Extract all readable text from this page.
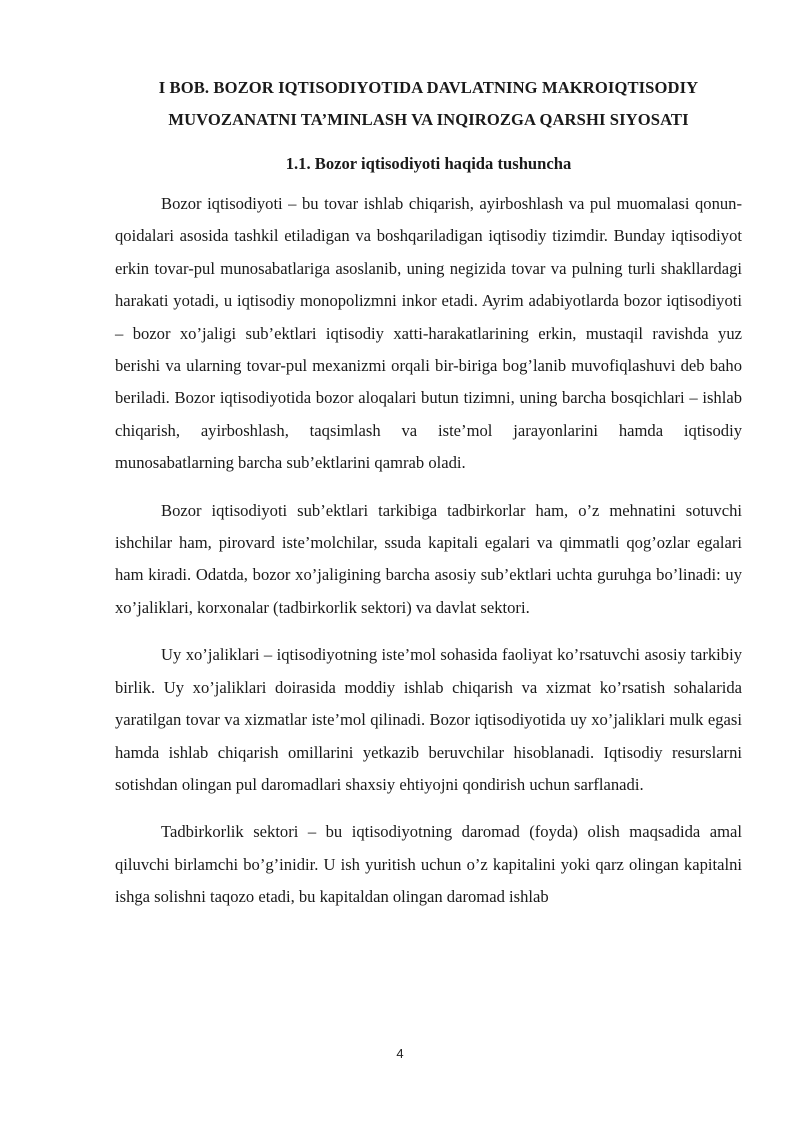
I BOB. BOZOR IQTISODIYOTIDA DAVLATNING MAKROIQTISODIY
MUVOZANATNI TA’MINLASH VA INQIROZGA QARSHI SIYOSATI
1.1. Bozor iqtisodiyoti haqida tushuncha

Bozor iqtisodiyoti – bu tovar ishlab chiqarish, ayirboshlash va pul muomalasi qonun-qoidalari asosida tashkil etiladigan va boshqariladigan iqtisodiy tizimdir. Bunday iqtisodiyot erkin tovar-pul munosabatlariga asoslanib, uning negizida tovar va pulning turli shakllardagi harakati yotadi, u iqtisodiy monopolizmni inkor etadi. Ayrim adabiyotlarda bozor iqtisodiyoti – bozor xo’jaligi sub’ektlari iqtisodiy xatti-harakatlarining erkin, mustaqil ravishda yuz berishi va ularning tovar-pul mexanizmi orqali bir-biriga bog’lanib muvofiqlashuvi deb baho beriladi. Bozor iqtisodiyotida bozor aloqalari butun tizimni, uning barcha bosqichlari – ishlab chiqarish, ayirboshlash, taqsimlash va iste’mol jarayonlarini hamda iqtisodiy munosabatlarning barcha sub’ektlarini qamrab oladi.

Bozor iqtisodiyoti sub’ektlari tarkibiga tadbirkorlar ham, o’z mehnatini sotuvchi ishchilar ham, pirovard iste’molchilar, ssuda kapitali egalari va qimmatli qog’ozlar egalari ham kiradi. Odatda, bozor xo’jaligining barcha asosiy sub’ektlari uchta guruhga bo’linadi: uy xo’jaliklari, korxonalar (tadbirkorlik sektori) va davlat sektori.

Uy xo’jaliklari – iqtisodiyotning iste’mol sohasida faoliyat ko’rsatuvchi asosiy tarkibiy birlik. Uy xo’jaliklari doirasida moddiy ishlab chiqarish va xizmat ko’rsatish sohalarida yaratilgan tovar va xizmatlar iste’mol qilinadi. Bozor iqtisodiyotida uy xo’jaliklari mulk egasi hamda ishlab chiqarish omillarini yetkazib beruvchilar hisoblanadi. Iqtisodiy resurslarni sotishdan olingan pul daromadlari shaxsiy ehtiyojni qondirish uchun sarflanadi.

Tadbirkorlik sektori – bu iqtisodiyotning daromad (foyda) olish maqsadida amal qiluvchi birlamchi bo’g’inidir. U ish yuritish uchun o’z kapitalini yoki qarz olingan kapitalni ishga solishni taqozo etadi, bu kapitaldan olingan daromad ishlab

4
